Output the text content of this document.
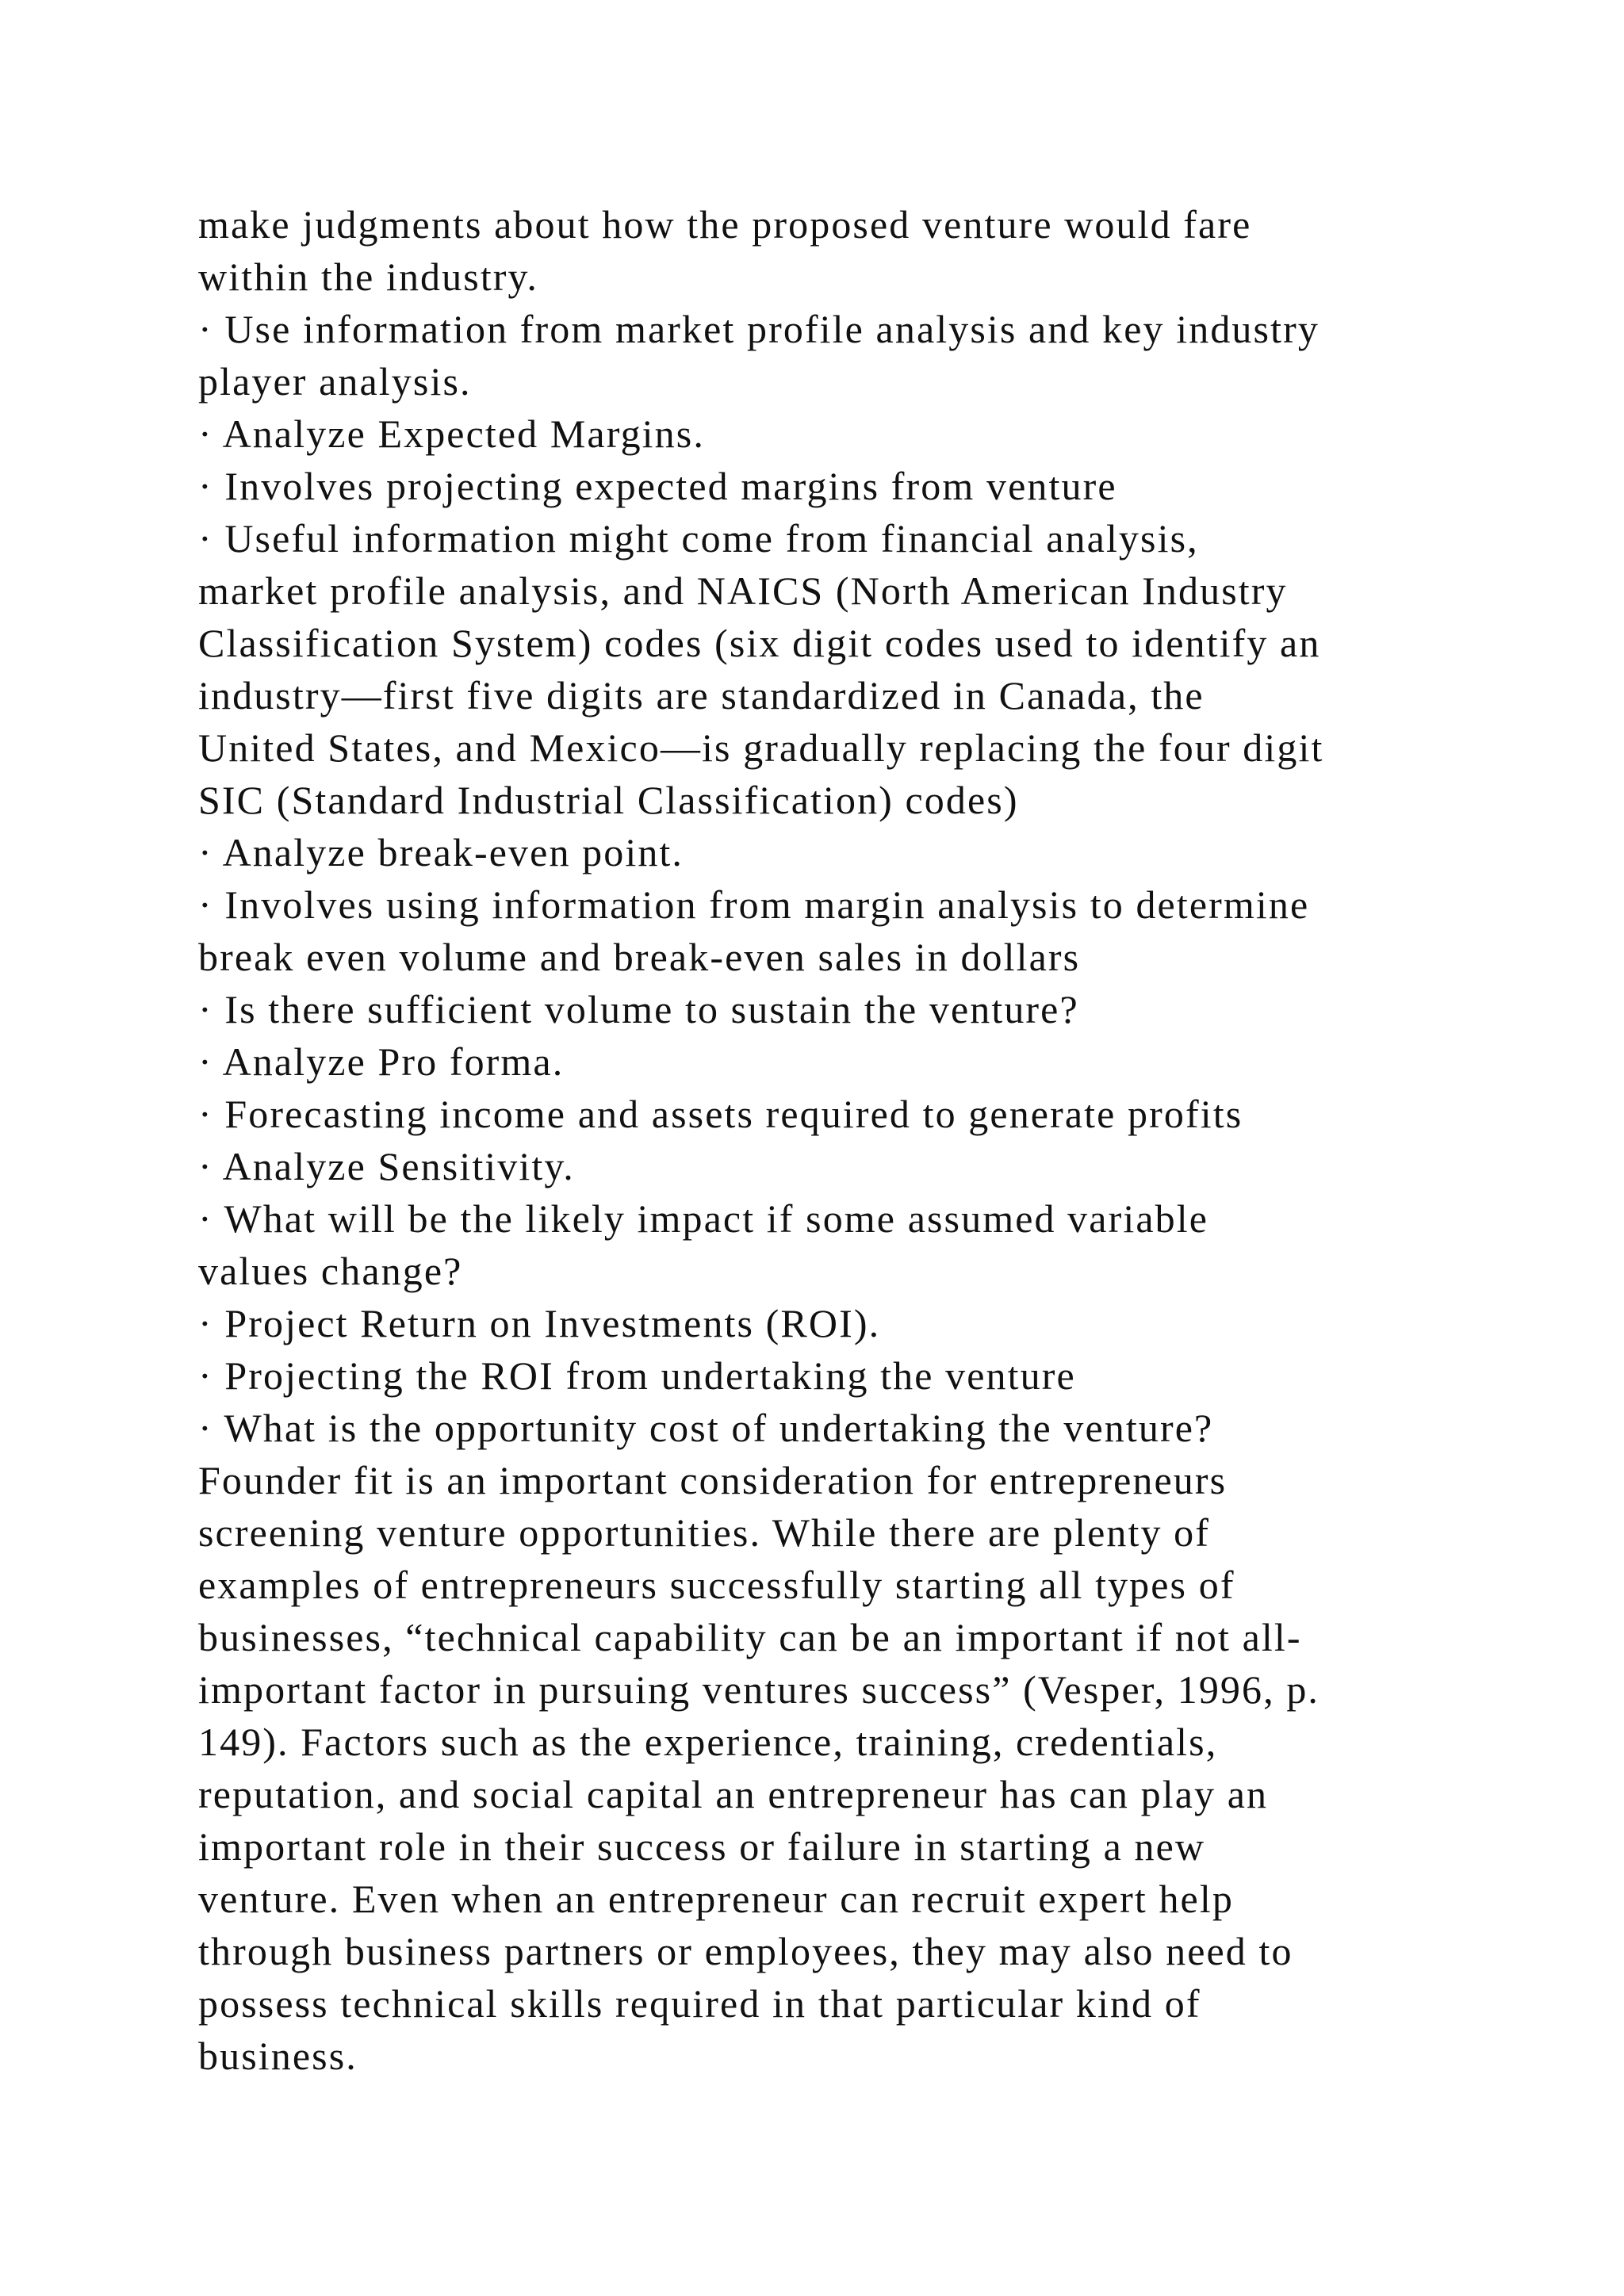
make judgments about how the proposed venture would fare
within the industry.
· Use information from market profile analysis and key industry
player analysis.
· Analyze Expected Margins.
· Involves projecting expected margins from venture
· Useful information might come from financial analysis,
market profile analysis, and NAICS (North American Industry
Classification System) codes (six digit codes used to identify an
industry—first five digits are standardized in Canada, the
United States, and Mexico—is gradually replacing the four digit
SIC (Standard Industrial Classification) codes)
· Analyze break-even point.
· Involves using information from margin analysis to determine
break even volume and break-even sales in dollars
· Is there sufficient volume to sustain the venture?
· Analyze Pro forma.
· Forecasting income and assets required to generate profits
· Analyze Sensitivity.
· What will be the likely impact if some assumed variable
values change?
· Project Return on Investments (ROI).
· Projecting the ROI from undertaking the venture
· What is the opportunity cost of undertaking the venture?
Founder fit is an important consideration for entrepreneurs
screening venture opportunities. While there are plenty of
examples of entrepreneurs successfully starting all types of
businesses, “technical capability can be an important if not all-
important factor in pursuing ventures success” (Vesper, 1996, p.
149). Factors such as the experience, training, credentials,
reputation, and social capital an entrepreneur has can play an
important role in their success or failure in starting a new
venture. Even when an entrepreneur can recruit expert help
through business partners or employees, they may also need to
possess technical skills required in that particular kind of
business.
